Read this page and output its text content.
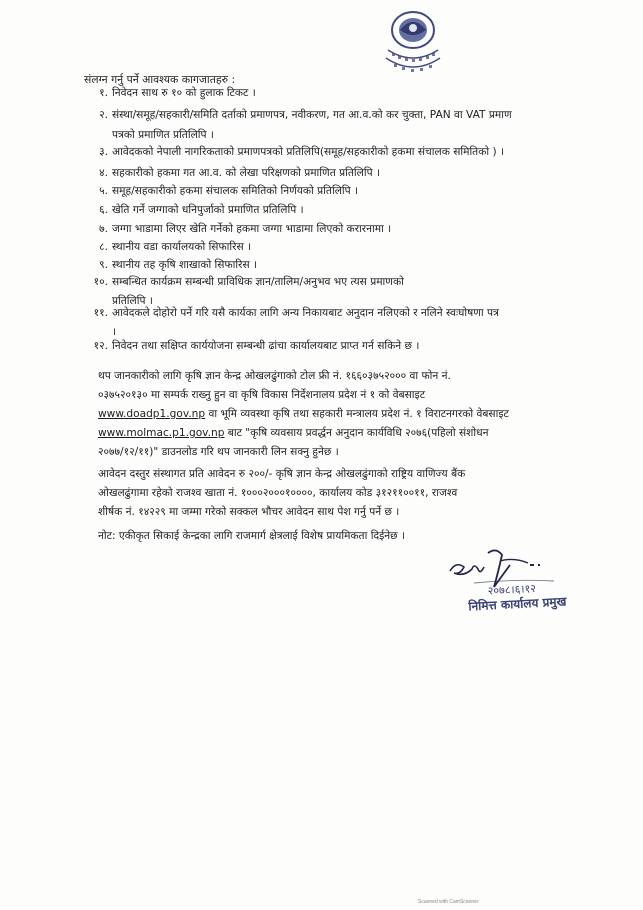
संलग्न गर्नु पर्ने आवश्यक कागजातहरु :
१. निवेदन साथ रु १० को हुलाक टिकट ।
२. संस्था/समूह/सहकारी/समिति दर्ताको प्रमाणपत्र, नवीकरण, गत आ.व.को कर चुक्ता, PAN वा VAT प्रमाण
पत्रको प्रमाणित प्रतिलिपि ।
३. आवेदकको नेपाली नागरिकताको प्रमाणपत्रको प्रतिलिपि(समूह/सहकारीको हकमा संचालक समितिको ) ।
४. सहकारीको हकमा गत आ.व. को लेखा परिक्षणको प्रमाणित प्रतिलिपि ।
५. समूह/सहकारीको हकमा संचालक समितिको निर्णयको प्रतिलिपि ।
६. खेति गर्ने जग्गाको धनिपुर्जाको प्रमाणित प्रतिलिपि ।
७. जग्गा भाडामा लिएर खेति गर्नेको हकमा जग्गा भाडामा लिएको करारनामा ।
८. स्थानीय वडा कार्यालयको सिफारिस ।
९. स्थानीय तह कृषि शाखाको सिफारिस ।
१०. सम्बन्धित कार्यक्रम सम्बन्धी प्राविधिक ज्ञान/तालिम/अनुभव भए त्यस प्रमाणको
प्रतिलिपि ।
११. आवेदकले दोहोरो पर्ने गरि यसै कार्यका लागि अन्य निकायबाट अनुदान नलिएको र नलिने स्वःघोषणा पत्र
।
१२. निवेदन तथा सक्षिप्त कार्ययोजना सम्बन्धी ढांचा कार्यालयबाट प्राप्त गर्न सकिने छ ।
थप जानकारीको लागि कृषि ज्ञान केन्द्र ओखलढुंगाको टोल फ्री नं. १६६०३७५२००० वा फोन नं.
०३७५२०१३० मा सम्पर्क राख्नु हुन वा कृषि विकास निर्देशनालय प्रदेश नं १ को वेबसाइट
www.doadp1.gov.np वा भूमि व्यवस्था कृषि तथा सहकारी मन्त्रालय प्रदेश नं. १ विराटनगरको वेबसाइट
www.molmac.p1.gov.np बाट "कृषि व्यवसाय प्रवर्द्धन अनुदान कार्यविधि २०७६(पहिलो संशोधन
२०७७/१२/११)" डाउनलोड गरि थप जानकारी लिन सक्नु हुनेछ ।
आवेदन दस्तुर संस्थागत प्रति आवेदन रु २००/- कृषि ज्ञान केन्द्र ओखलढुंगाको राष्ट्रिय वाणिज्य बैंक
ओखलढुंगामा रहेको राजश्व खाता नं. १०००२०००१००००, कार्यालय कोड ३१२११००११, राजश्व
शीर्षक नं. १४२२९ मा जम्मा गरेको सक्कल भौचर आवेदन साथ पेश गर्नु पर्ने छ ।
नोट: एकीकृत सिकाई केन्द्रका लागि राजमार्ग क्षेत्रलाई विशेष प्रायमिकता दिईनेछ ।
२०७८।६।१२
निमित्त कार्यालय प्रमुख
Scanned with CamScanner
